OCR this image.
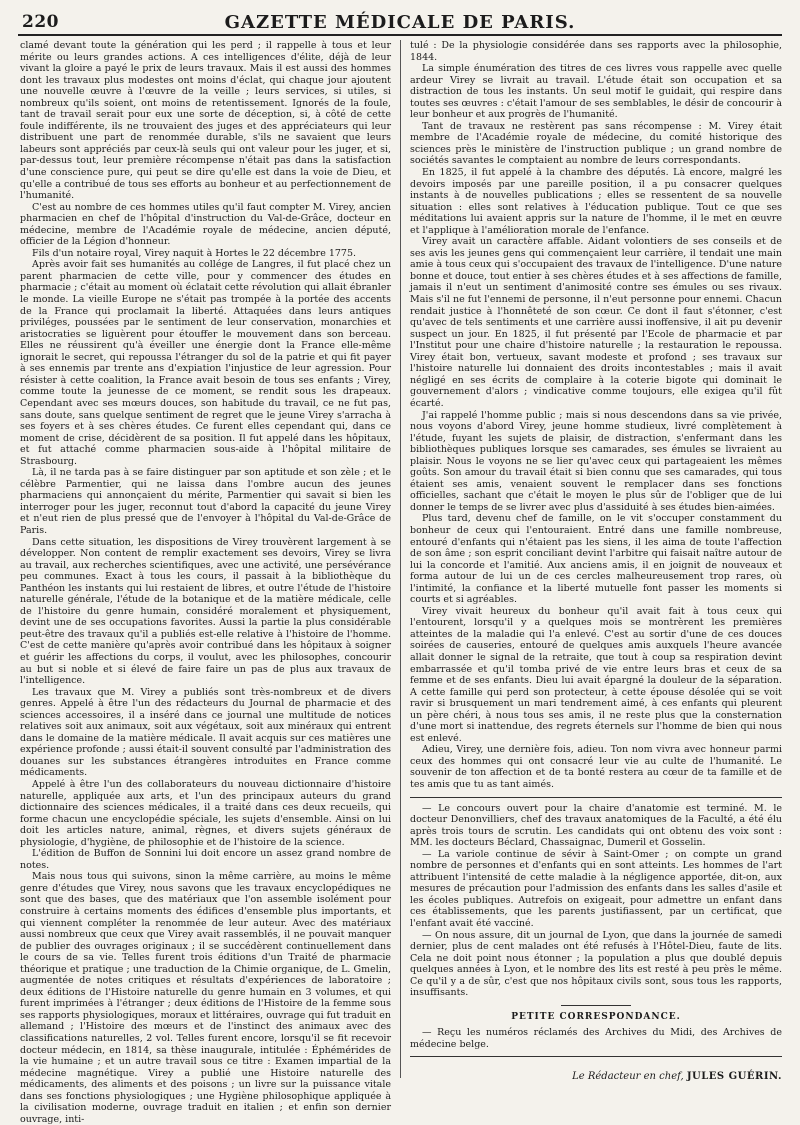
220	GAZETTE MÉDICALE DE PARIS.

clamé devant toute la génération qui les perd ; il rappelle à tous et leur mérite ou leurs grandes actions. A ces intelligences d'élite, déjà de leur vivant la gloire a payé le prix de leurs travaux. Mais il est aussi des hommes dont les travaux plus modestes ont moins d'éclat, qui chaque jour ajoutent une nouvelle œuvre à l'œuvre de la veille ; leurs services, si utiles, si nombreux qu'ils soient, ont moins de retentissement. Ignorés de la foule, tant de travail serait pour eux une sorte de déception, si, à côté de cette foule indifférente, ils ne trouvaient des juges et des appréciateurs qui leur distribuent une part de renommée durable, s'ils ne savaient que leurs labeurs sont appréciés par ceux-là seuls qui ont valeur pour les juger, et si, par-dessus tout, leur première récompense n'était pas dans la satisfaction d'une conscience pure, qui peut se dire qu'elle est dans la voie de Dieu, et qu'elle a contribué de tous ses efforts au bonheur et au perfectionnement de l'humanité.

C'est au nombre de ces hommes utiles qu'il faut compter M. Virey, ancien pharmacien en chef de l'hôpital d'instruction du Val-de-Grâce, docteur en médecine, membre de l'Académie royale de médecine, ancien député, officier de la Légion d'honneur.

Fils d'un notaire royal, Virey naquit à Hortes le 22 décembre 1775.

Après avoir fait ses humanités au collége de Langres, il fut placé chez un parent pharmacien de cette ville, pour y commencer des études en pharmacie ; c'était au moment où éclatait cette révolution qui allait ébranler le monde. La vieille Europe ne s'était pas trompée à la portée des accents de la France qui proclamait la liberté. Attaquées dans leurs antiques priviléges, poussées par le sentiment de leur conservation, monarchies et aristocraties se liguèrent pour étouffer le mouvement dans son berceau. Elles ne réussirent qu'à éveiller une énergie dont la France elle-même ignorait le secret, qui repoussa l'étranger du sol de la patrie et qui fit payer à ses ennemis par trente ans d'expiation l'injustice de leur agression. Pour résister à cette coalition, la France avait besoin de tous ses enfants ; Virey, comme toute la jeunesse de ce moment, se rendit sous les drapeaux. Cependant avec ses mœurs douces, son habitude du travail, ce ne fut pas, sans doute, sans quelque sentiment de regret que le jeune Virey s'arracha à ses foyers et à ses chères études. Ce furent elles cependant qui, dans ce moment de crise, décidèrent de sa position. Il fut appelé dans les hôpitaux, et fut attaché comme pharmacien sous-aide à l'hôpital militaire de Strasbourg.

Là, il ne tarda pas à se faire distinguer par son aptitude et son zèle ; et le célèbre Parmentier, qui ne laissa dans l'ombre aucun des jeunes pharmaciens qui annonçaient du mérite, Parmentier qui savait si bien les interroger pour les juger, reconnut tout d'abord la capacité du jeune Virey et n'eut rien de plus pressé que de l'envoyer à l'hôpital du Val-de-Grâce de Paris.

Dans cette situation, les dispositions de Virey trouvèrent largement à se développer. Non content de remplir exactement ses devoirs, Virey se livra au travail, aux recherches scientifiques, avec une activité, une persévérance peu communes. Exact à tous les cours, il passait à la bibliothèque du Panthéon les instants qui lui restaient de libres, et outre l'étude de l'histoire naturelle générale, l'étude de la botanique et de la matière médicale, celle de l'histoire du genre humain, considéré moralement et physiquement, devint une de ses occupations favorites. Aussi la partie la plus considérable peut-être des travaux qu'il a publiés est-elle relative à l'histoire de l'homme. C'est de cette manière qu'après avoir contribué dans les hôpitaux à soigner et guérir les affections du corps, il voulut, avec les philosophes, concourir au but si noble et si élevé de faire faire un pas de plus aux travaux de l'intelligence.

Les travaux que M. Virey a publiés sont très-nombreux et de divers genres. Appelé à être l'un des rédacteurs du Journal de pharmacie et des sciences accessoires, il a inséré dans ce journal une multitude de notices relatives soit aux animaux, soit aux végétaux, soit aux minéraux qui entrent dans le domaine de la matière médicale. Il avait acquis sur ces matières une expérience profonde ; aussi était-il souvent consulté par l'administration des douanes sur les substances étrangères introduites en France comme médicaments.

Appelé à être l'un des collaborateurs du nouveau dictionnaire d'histoire naturelle, appliquée aux arts, et l'un des principaux auteurs du grand dictionnaire des sciences médicales, il a traité dans ces deux recueils, qui forme chacun une encyclopédie spéciale, les sujets d'ensemble. Ainsi on lui doit les articles nature, animal, règnes, et divers sujets généraux de physiologie, d'hygiène, de philosophie et de l'histoire de la science.

L'édition de Buffon de Sonnini lui doit encore un assez grand nombre de notes.

Mais nous tous qui suivons, sinon la même carrière, au moins le même genre d'études que Virey, nous savons que les travaux encyclopédiques ne sont que des bases, que des matériaux que l'on assemble isolément pour construire à certains moments des édifices d'ensemble plus importants, et qui viennent compléter la renommée de leur auteur. Avec des matériaux aussi nombreux que ceux que Virey avait rassemblés, il ne pouvait manquer de publier des ouvrages originaux ; il se succédèrent continuellement dans le cours de sa vie. Telles furent trois éditions d'un Traité de pharmacie théorique et pratique ; une traduction de la Chimie organique, de L. Gmelin, augmentée de notes critiques et résultats d'expériences de laboratoire ; deux éditions de l'Histoire naturelle du genre humain en 3 volumes, et qui furent imprimées à l'étranger ; deux éditions de l'Histoire de la femme sous ses rapports physiologiques, moraux et littéraires, ouvrage qui fut traduit en allemand ; l'Histoire des mœurs et de l'instinct des animaux avec des classifications naturelles, 2 vol. Telles furent encore, lorsqu'il se fit recevoir docteur médecin, en 1814, sa thèse inaugurale, intitulée : Éphémérides de la vie humaine ; et un autre travail sous ce titre : Examen impartial de la médecine magnétique. Virey a publié une Histoire naturelle des médicaments, des aliments et des poisons ; un livre sur la puissance vitale dans ses fonctions physiologiques ; une Hygiène philosophique appliquée à la civilisation moderne, ouvrage traduit en italien ; et enfin son dernier ouvrage, inti-

tulé : De la physiologie considérée dans ses rapports avec la philosophie, 1844.

La simple énumération des titres de ces livres vous rappelle avec quelle ardeur Virey se livrait au travail. L'étude était son occupation et sa distraction de tous les instants. Un seul motif le guidait, qui respire dans toutes ses œuvres : c'était l'amour de ses semblables, le désir de concourir à leur bonheur et aux progrès de l'humanité.

Tant de travaux ne restèrent pas sans récompense : M. Virey était membre de l'Académie royale de médecine, du comité historique des sciences près le ministère de l'instruction publique ; un grand nombre de sociétés savantes le comptaient au nombre de leurs correspondants.

En 1825, il fut appelé à la chambre des députés. Là encore, malgré les devoirs imposés par une pareille position, il a pu consacrer quelques instants à de nouvelles publications ; elles se ressentent de sa nouvelle situation : elles sont relatives à l'éducation publique. Tout ce que ses méditations lui avaient appris sur la nature de l'homme, il le met en œuvre et l'applique à l'amélioration morale de l'enfance.

Virey avait un caractère affable. Aidant volontiers de ses conseils et de ses avis les jeunes gens qui commençaient leur carrière, il tendait une main amie à tous ceux qui s'occupaient des travaux de l'intelligence. D'une nature bonne et douce, tout entier à ses chères études et à ses affections de famille, jamais il n'eut un sentiment d'animosité contre ses émules ou ses rivaux. Mais s'il ne fut l'ennemi de personne, il n'eut personne pour ennemi. Chacun rendait justice à l'honnêteté de son cœur. Ce dont il faut s'étonner, c'est qu'avec de tels sentiments et une carrière aussi inoffensive, il ait pu devenir suspect un jour. En 1825, il fut présenté par l'Ecole de pharmacie et par l'Institut pour une chaire d'histoire naturelle ; la restauration le repoussa. Virey était bon, vertueux, savant modeste et profond ; ses travaux sur l'histoire naturelle lui donnaient des droits incontestables ; mais il avait négligé en ses écrits de complaire à la coterie bigote qui dominait le gouvernement d'alors ; vindicative comme toujours, elle exigea qu'il fût écarté.

J'ai rappelé l'homme public ; mais si nous descendons dans sa vie privée, nous voyons d'abord Virey, jeune homme studieux, livré complètement à l'étude, fuyant les sujets de plaisir, de distraction, s'enfermant dans les bibliothèques publiques lorsque ses camarades, ses émules se livraient au plaisir. Nous le voyons ne se lier qu'avec ceux qui partageaient les mêmes goûts. Son amour du travail était si bien connu que ses camarades, qui tous étaient ses amis, venaient souvent le remplacer dans ses fonctions officielles, sachant que c'était le moyen le plus sûr de l'obliger que de lui donner le temps de se livrer avec plus d'assiduité à ses études bien-aimées.

Plus tard, devenu chef de famille, on le vit s'occuper constamment du bonheur de ceux qui l'entouraient. Entré dans une famille nombreuse, entouré d'enfants qui n'étaient pas les siens, il les aima de toute l'affection de son âme ; son esprit conciliant devint l'arbitre qui faisait naître autour de lui la concorde et l'amitié. Aux anciens amis, il en joignit de nouveaux et forma autour de lui un de ces cercles malheureusement trop rares, où l'intimité, la confiance et la liberté mutuelle font passer les moments si courts et si agréables.

Virey vivait heureux du bonheur qu'il avait fait à tous ceux qui l'entourent, lorsqu'il y a quelques mois se montrèrent les premières atteintes de la maladie qui l'a enlevé. C'est au sortir d'une de ces douces soirées de causeries, entouré de quelques amis auxquels l'heure avancée allait donner le signal de la retraite, que tout à coup sa respiration devint embarrassée et qu'il tomba privé de vie entre leurs bras et ceux de sa femme et de ses enfants. Dieu lui avait épargné la douleur de la séparation. A cette famille qui perd son protecteur, à cette épouse désolée qui se voit ravir si brusquement un mari tendrement aimé, à ces enfants qui pleurent un père chéri, à nous tous ses amis, il ne reste plus que la consternation d'une mort si inattendue, des regrets éternels sur l'homme de bien qui nous est enlevé.

Adieu, Virey, une dernière fois, adieu. Ton nom vivra avec honneur parmi ceux des hommes qui ont consacré leur vie au culte de l'humanité. Le souvenir de ton affection et de ta bonté restera au cœur de ta famille et de tes amis que tu as tant aimés.

— Le concours ouvert pour la chaire d'anatomie est terminé. M. le docteur Denonvilliers, chef des travaux anatomiques de la Faculté, a été élu après trois tours de scrutin. Les candidats qui ont obtenu des voix sont : MM. les docteurs Béclard, Chassaignac, Dumeril et Gosselin.

— La variole continue de sévir à Saint-Omer ; on compte un grand nombre de personnes et d'enfants qui en sont atteints. Les hommes de l'art attribuent l'intensité de cette maladie à la négligence apportée, dit-on, aux mesures de précaution pour l'admission des enfants dans les salles d'asile et les écoles publiques. Autrefois on exigeait, pour admettre un enfant dans ces établissements, que les parents justifiassent, par un certificat, que l'enfant avait été vacciné.

— On nous assure, dit un journal de Lyon, que dans la journée de samedi dernier, plus de cent malades ont été refusés à l'Hôtel-Dieu, faute de lits. Cela ne doit point nous étonner ; la population a plus que doublé depuis quelques années à Lyon, et le nombre des lits est resté à peu près le même. Ce qu'il y a de sûr, c'est que nos hôpitaux civils sont, sous tous les rapports, insuffisants.

PETITE CORRESPONDANCE.

— Reçu les numéros réclamés des Archives du Midi, des Archives de médecine belge.

Le Rédacteur en chef, JULES GUÉRIN.
